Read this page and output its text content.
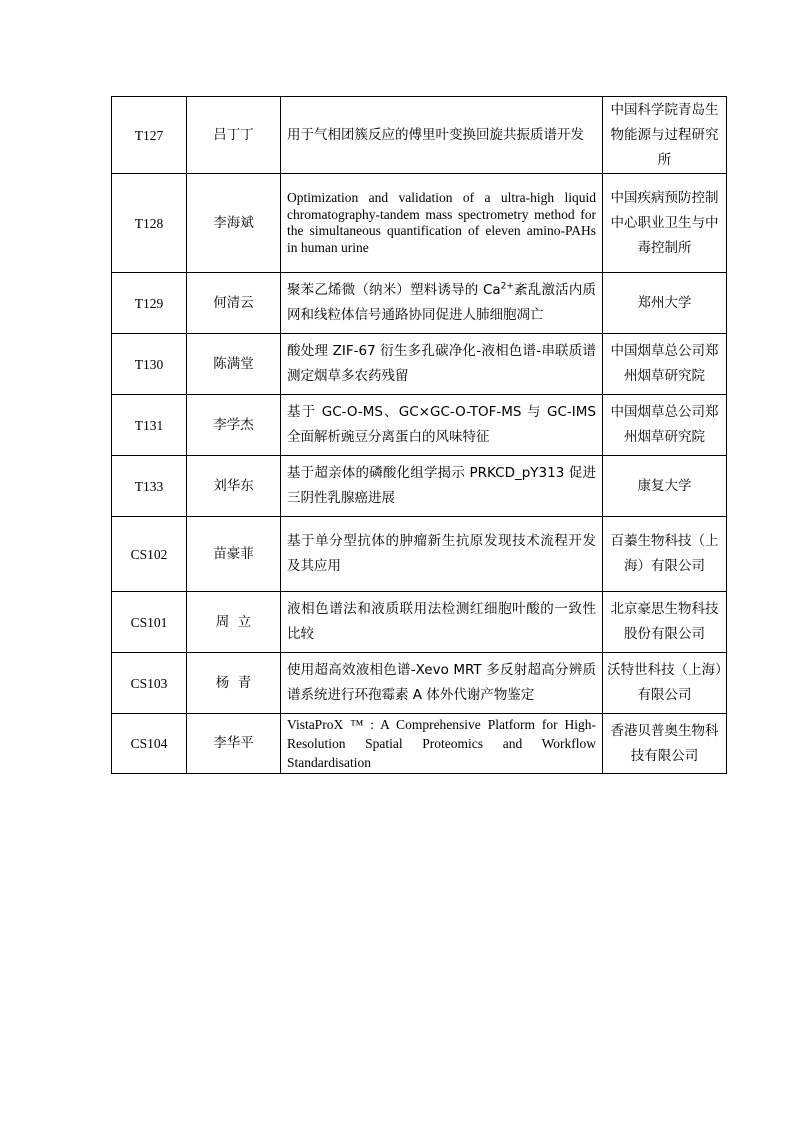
T127	吕丁丁	用于气相团簇反应的傅里叶变换回旋共振质谱开发	中国科学院青岛生物能源与过程研究所
T128	李海斌	Optimization and validation of a ultra-high liquid chromatography-tandem mass spectrometry method for the simultaneous quantification of eleven amino-PAHs in human urine	中国疾病预防控制中心职业卫生与中毒控制所
T129	何清云	聚苯乙烯微（纳米）塑料诱导的 $Ca^{2+}$紊乱激活内质网和线粒体信号通路协同促进人肺细胞凋亡	郑州大学
T130	陈满堂	酸处理 ZIF-67 衍生多孔碳净化-液相色谱-串联质谱测定烟草多农药残留	中国烟草总公司郑州烟草研究院
T131	李学杰	基于 GC-O-MS、GC×GC-O-TOF-MS 与 GC-IMS 全面解析豌豆分离蛋白的风味特征	中国烟草总公司郑州烟草研究院
T133	刘华东	基于超亲体的磷酸化组学揭示 PRKCD_pY313 促进三阴性乳腺癌进展	康复大学
CS102	苗豪菲	基于单分型抗体的肿瘤新生抗原发现技术流程开发及其应用	百蓁生物科技（上海）有限公司
CS101	周  立	液相色谱法和液质联用法检测红细胞叶酸的一致性比较	北京豪思生物科技股份有限公司
CS103	杨  青	使用超高效液相色谱-Xevo MRT 多反射超高分辨质谱系统进行环孢霉素 A 体外代谢产物鉴定	沃特世科技（上海）有限公司
CS104	李华平	VistaProX ™ : A Comprehensive Platform for High-Resolution Spatial Proteomics and Workflow Standardisation	香港贝普奥生物科技有限公司
